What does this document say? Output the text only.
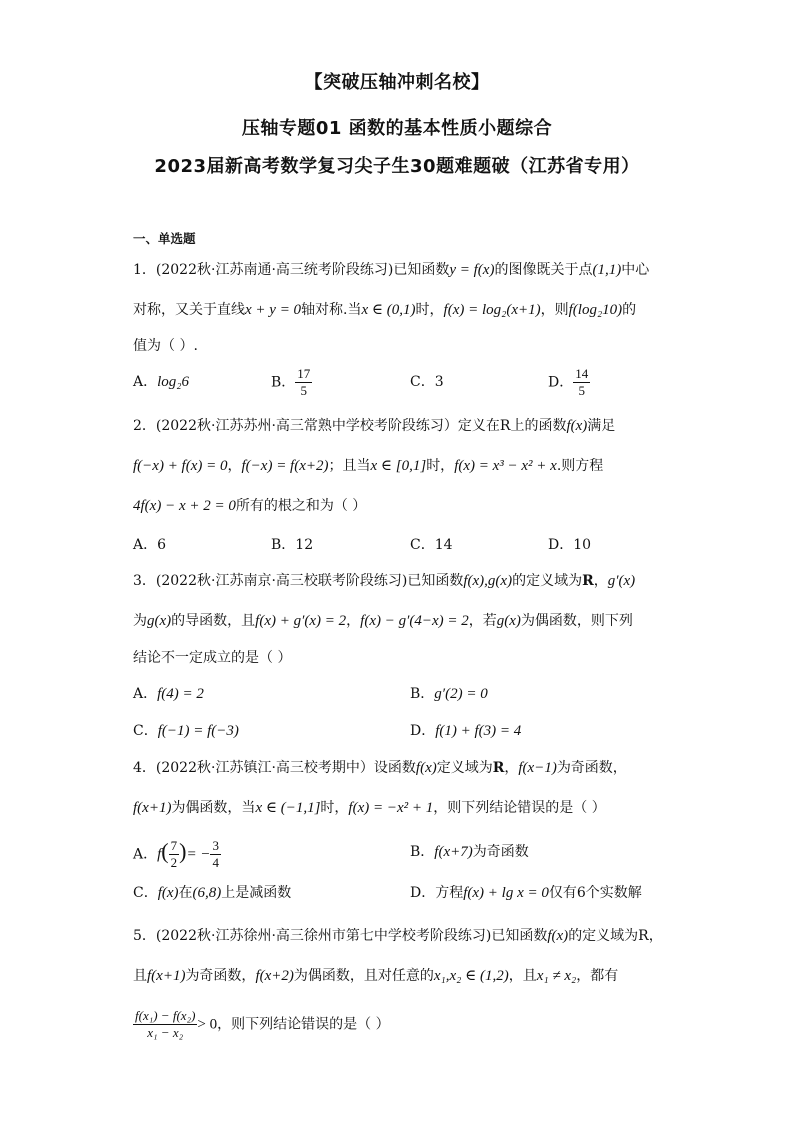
【突破压轴冲刺名校】
压轴专题01 函数的基本性质小题综合
2023届新高考数学复习尖子生30题难题破（江苏省专用）
一、单选题
1．(2022秋·江苏南通·高三统考阶段练习)已知函数y = f(x)的图像既关于点(1,1)中心
对称，又关于直线x + y = 0轴对称.当x ∈ (0,1)时，f(x) = log₂(x+1)，则f(log₂10)的
值为（ ）.
A．log₂6	B． $\frac{17}{5}$	C．3	D． $\frac{14}{5}$
2．(2022秋·江苏苏州·高三常熟中学校考阶段练习）定义在R上的函数f(x)满足
f(−x) + f(x) = 0，f(−x) = f(x+2)；且当x ∈ [0,1]时，f(x) = x³ − x² + x.则方程
4f(x) − x + 2 = 0所有的根之和为（ ）
A．6	B．12	C．14	D．10
3．(2022秋·江苏南京·高三校联考阶段练习)已知函数f(x),g(x)的定义域为R，g′(x)
为g(x)的导函数，且f(x) + g′(x) = 2，f(x) − g′(4−x) = 2，若g(x)为偶函数，则下列
结论不一定成立的是（ ）
A．f(4) = 2	B．g′(2) = 0
C．f(−1) = f(−3)	D．f(1) + f(3) = 4
4．(2022秋·江苏镇江·高三校考期中）设函数f(x)定义域为R，f(x−1)为奇函数，
f(x+1)为偶函数，当x ∈ (−1,1]时，f(x) = −x² + 1，则下列结论错误的是（ ）
A．$f( \frac{7}{2}$ )= − $\frac{3}{4}$	B．f(x+7)为奇函数
C．f(x)在(6,8)上是减函数	D．方程f(x) + lg x = 0仅有6个实数解
5．(2022秋·江苏徐州·高三徐州市第七中学校考阶段练习)已知函数f(x)的定义域为R，
且f(x+1)为奇函数，f(x+2)为偶函数，且对任意的x₁,x₂ ∈ (1,2)，且x₁ ≠ x₂，都有
$\frac{\text{f(x₁) − f(x₂)}}{\text{x₁ − x₂}} > 0$，则下列结论错误的是（ ）
